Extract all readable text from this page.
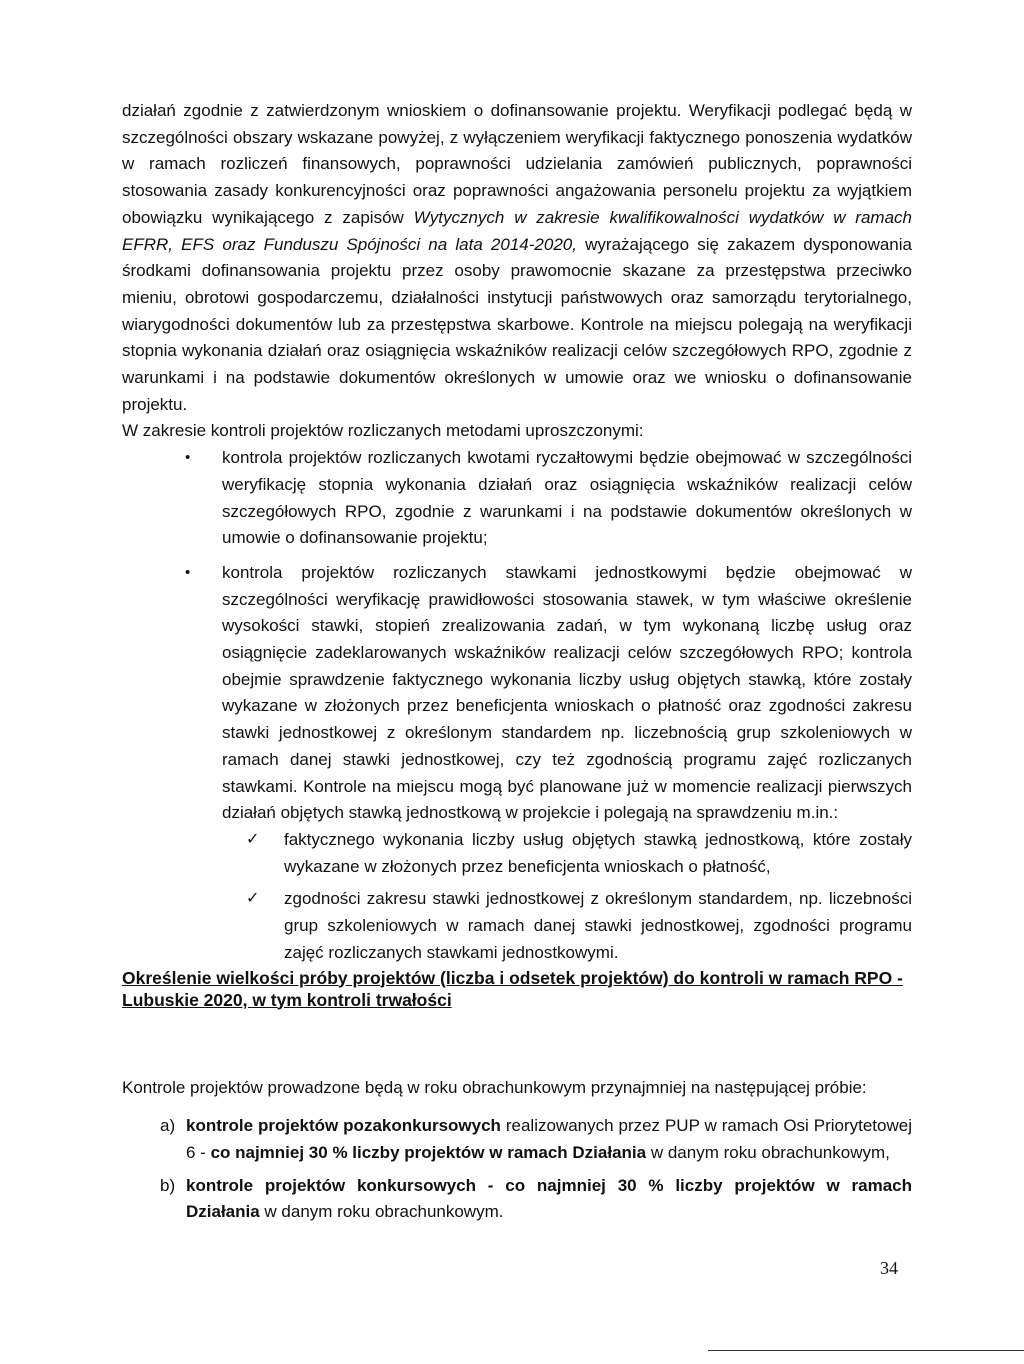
działań zgodnie z zatwierdzonym wnioskiem o dofinansowanie projektu. Weryfikacji podlegać będą w szczególności obszary wskazane powyżej, z wyłączeniem weryfikacji faktycznego ponoszenia wydatków w ramach rozliczeń finansowych, poprawności udzielania zamówień publicznych, poprawności stosowania zasady konkurencyjności oraz poprawności angażowania personelu projektu za wyjątkiem obowiązku wynikającego z zapisów Wytycznych w zakresie kwalifikowalności wydatków w ramach EFRR, EFS oraz Funduszu Spójności na lata 2014-2020, wyrażającego się zakazem dysponowania środkami dofinansowania projektu przez osoby prawomocnie skazane za przestępstwa przeciwko mieniu, obrotowi gospodarczemu, działalności instytucji państwowych oraz samorządu terytorialnego, wiarygodności dokumentów lub za przestępstwa skarbowe. Kontrole na miejscu polegają na weryfikacji stopnia wykonania działań oraz osiągnięcia wskaźników realizacji celów szczegółowych RPO, zgodnie z warunkami i na podstawie dokumentów określonych w umowie oraz we wniosku o dofinansowanie projektu.

W zakresie kontroli projektów rozliczanych metodami uproszczonymi:

• kontrola projektów rozliczanych kwotami ryczałtowymi będzie obejmować w szczególności weryfikację stopnia wykonania działań oraz osiągnięcia wskaźników realizacji celów szczegółowych RPO, zgodnie z warunkami i na podstawie dokumentów określonych w umowie o dofinansowanie projektu;
• kontrola projektów rozliczanych stawkami jednostkowymi będzie obejmować w szczególności weryfikację prawidłowości stosowania stawek, w tym właściwe określenie wysokości stawki, stopień zrealizowania zadań, w tym wykonaną liczbę usług oraz osiągnięcie zadeklarowanych wskaźników realizacji celów szczegółowych RPO; kontrola obejmie sprawdzenie faktycznego wykonania liczby usług objętych stawką, które zostały wykazane w złożonych przez beneficjenta wnioskach o płatność oraz zgodności zakresu stawki jednostkowej z określonym standardem np. liczebnością grup szkoleniowych w ramach danej stawki jednostkowej, czy też zgodnością programu zajęć rozliczanych stawkami. Kontrole na miejscu mogą być planowane już w momencie realizacji pierwszych działań objętych stawką jednostkową w projekcie i polegają na sprawdzeniu m.in.:
✓ faktycznego wykonania liczby usług objętych stawką jednostkową, które zostały wykazane w złożonych przez beneficjenta wnioskach o płatność,
✓ zgodności zakresu stawki jednostkowej z określonym standardem, np. liczebności grup szkoleniowych w ramach danej stawki jednostkowej, zgodności programu zajęć rozliczanych stawkami jednostkowymi.

Określenie wielkości próby projektów (liczba i odsetek projektów) do kontroli w ramach RPO - Lubuskie 2020, w tym kontroli trwałości

Kontrole projektów prowadzone będą w roku obrachunkowym przynajmniej na następującej próbie:

a) kontrole projektów pozakonkursowych realizowanych przez PUP w ramach Osi Priorytetowej 6 - co najmniej 30 % liczby projektów w ramach Działania w danym roku obrachunkowym,
b) kontrole projektów konkursowych - co najmniej 30 % liczby projektów w ramach Działania w danym roku obrachunkowym.
34
